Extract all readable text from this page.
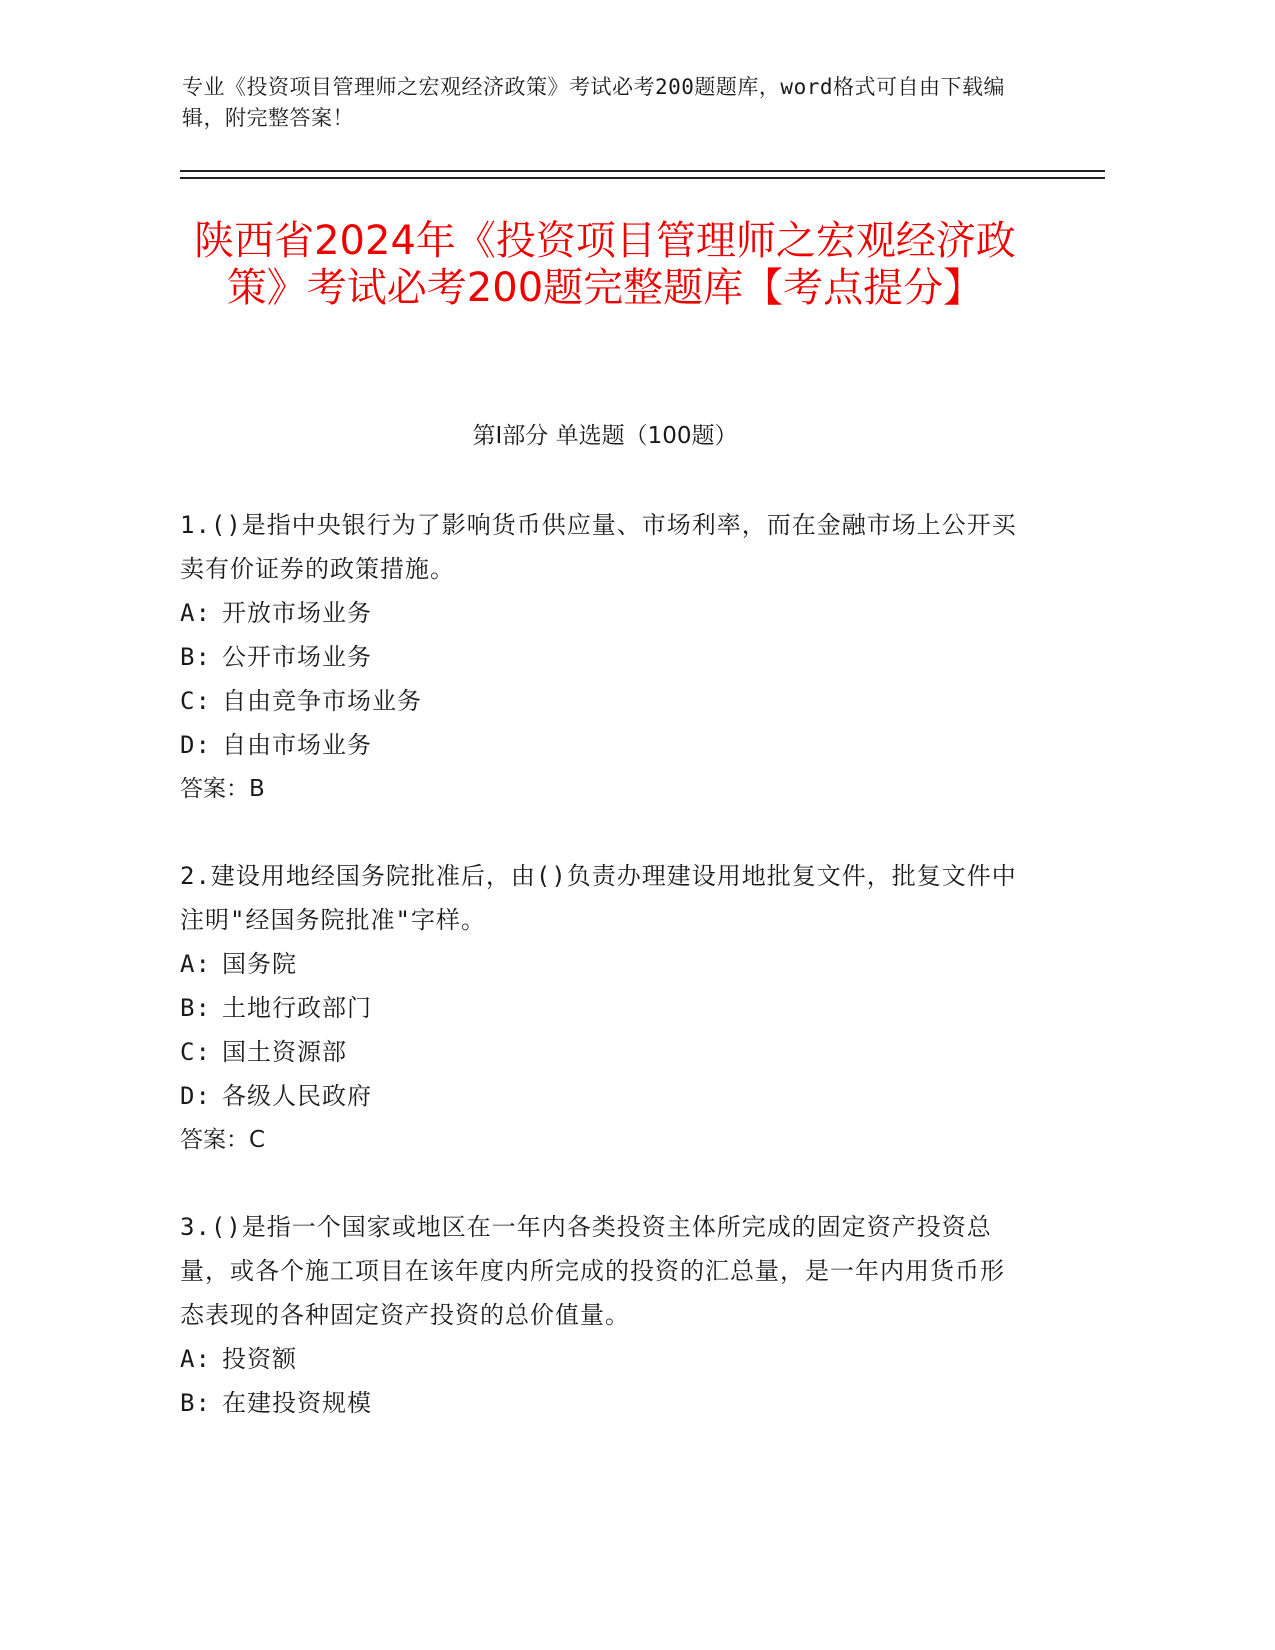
专业《投资项目管理师之宏观经济政策》考试必考200题题库，word格式可自由下载编辑，附完整答案！
陕西省2024年《投资项目管理师之宏观经济政策》考试必考200题完整题库【考点提分】
第I部分 单选题（100题）
1.()是指中央银行为了影响货币供应量、市场利率，而在金融市场上公开买卖有价证券的政策措施。
A: 开放市场业务
B: 公开市场业务
C: 自由竞争市场业务
D: 自由市场业务
答案：B
2.建设用地经国务院批准后，由()负责办理建设用地批复文件，批复文件中注明"经国务院批准"字样。
A: 国务院
B: 土地行政部门
C: 国土资源部
D: 各级人民政府
答案：C
3.()是指一个国家或地区在一年内各类投资主体所完成的固定资产投资总量，或各个施工项目在该年度内所完成的投资的汇总量，是一年内用货币形态表现的各种固定资产投资的总价值量。
A: 投资额
B: 在建投资规模
